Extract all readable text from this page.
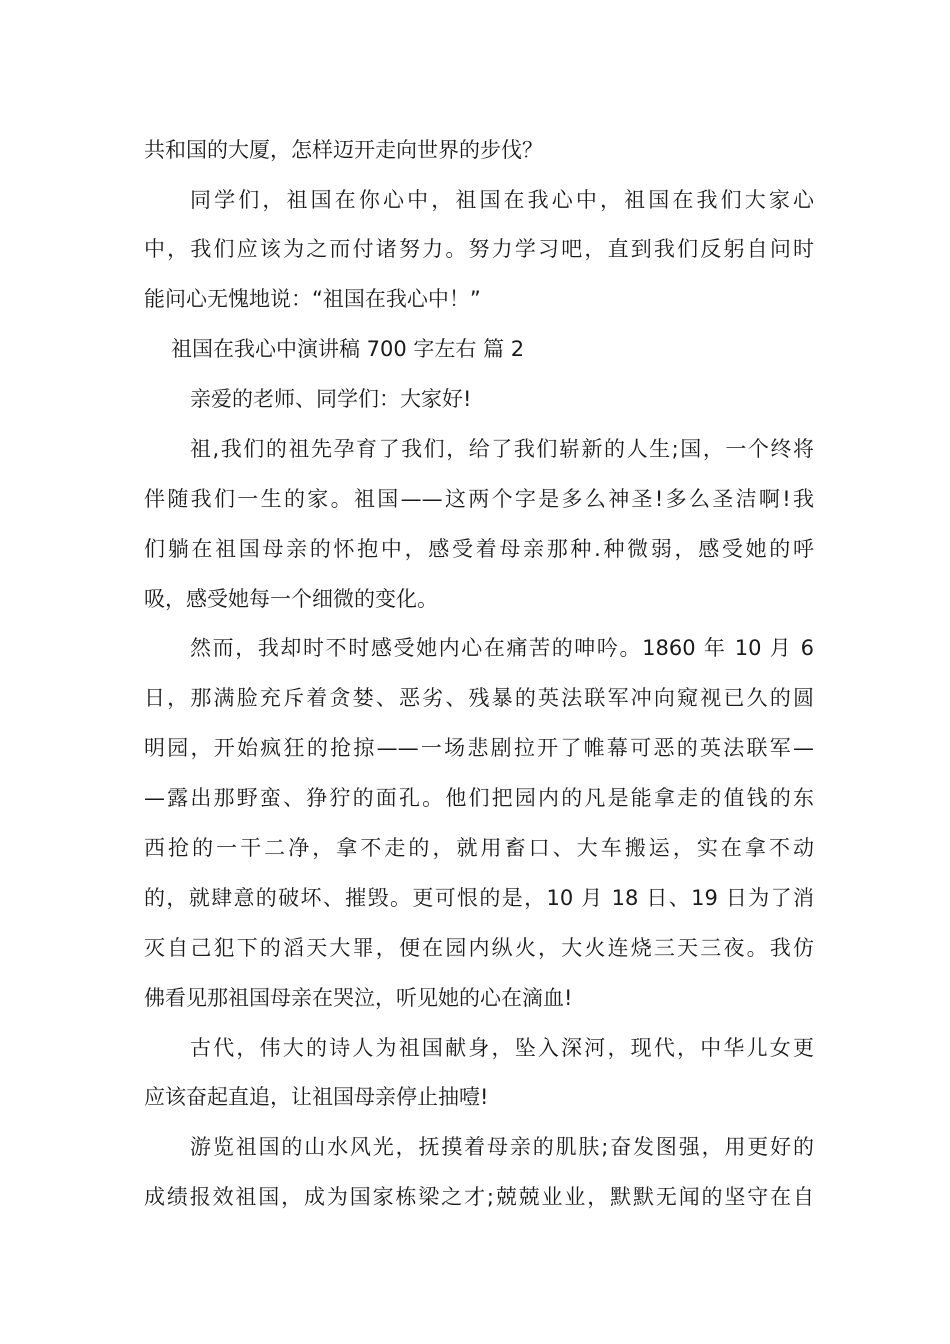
共和国的大厦，怎样迈开走向世界的步伐？
同学们，祖国在你心中，祖国在我心中，祖国在我们大家心
中，我们应该为之而付诸努力。努力学习吧，直到我们反躬自问时
能问心无愧地说：“祖国在我心中！”
祖国在我心中演讲稿 700 字左右 篇 2
亲爱的老师、同学们：大家好!
祖,我们的祖先孕育了我们，给了我们崭新的人生;国，一个终将
伴随我们一生的家。祖国——这两个字是多么神圣!多么圣洁啊!我
们躺在祖国母亲的怀抱中，感受着母亲那种.种微弱，感受她的呼
吸，感受她每一个细微的变化。
然而，我却时不时感受她内心在痛苦的呻吟。1860 年 10 月 6
日，那满脸充斥着贪婪、恶劣、残暴的英法联军冲向窥视已久的圆
明园，开始疯狂的抢掠——一场悲剧拉开了帷幕可恶的英法联军—
—露出那野蛮、狰狞的面孔。他们把园内的凡是能拿走的值钱的东
西抢的一干二净，拿不走的，就用畜口、大车搬运，实在拿不动
的，就肆意的破坏、摧毁。更可恨的是，10 月 18 日、19 日为了消
灭自己犯下的滔天大罪，便在园内纵火，大火连烧三天三夜。我仿
佛看见那祖国母亲在哭泣，听见她的心在滴血!
古代，伟大的诗人为祖国献身，坠入深河，现代，中华儿女更
应该奋起直追，让祖国母亲停止抽噎!
游览祖国的山水风光，抚摸着母亲的肌肤;奋发图强，用更好的
成绩报效祖国，成为国家栋梁之才;兢兢业业，默默无闻的坚守在自
